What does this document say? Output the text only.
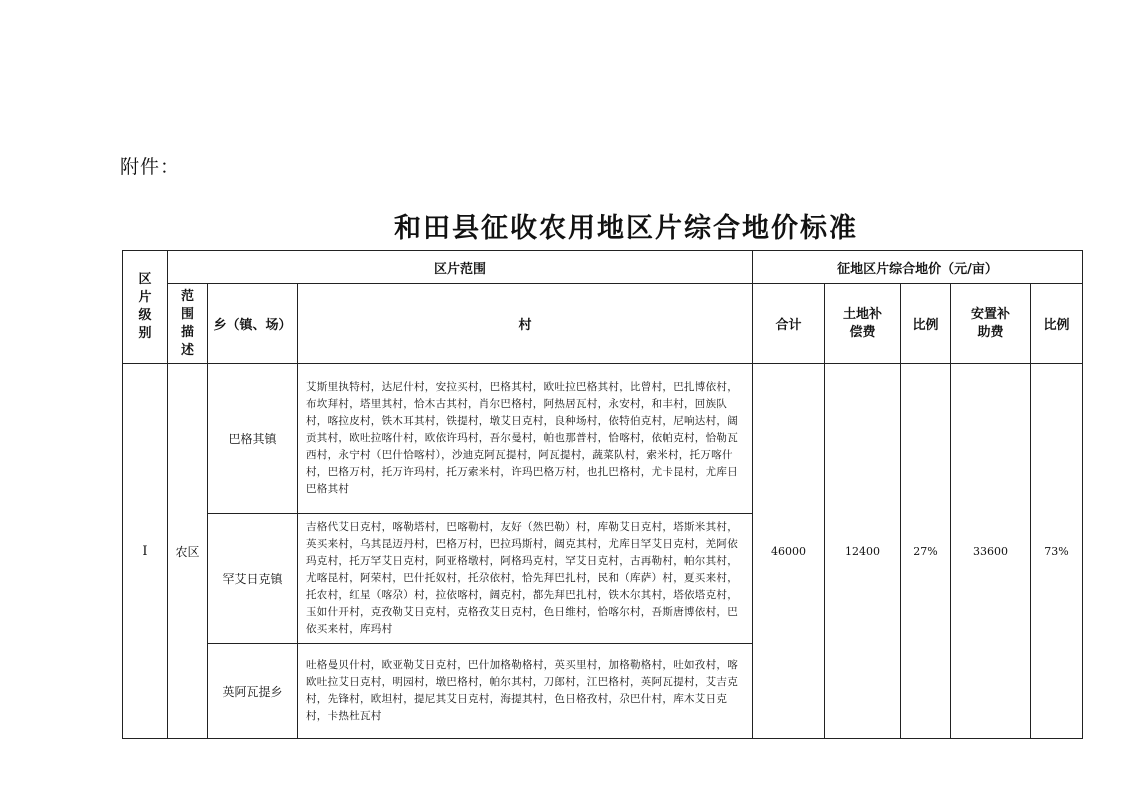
附件：
和田县征收农用地区片综合地价标准
区片级别	区片范围			征地区片综合地价（元/亩）				

	范围描述	乡（镇、场）	村	合计	土地补偿费	比例	安置补助费	比例
I	农区	巴格其镇	艾斯里执特村，达尼什村，安拉买村，巴格其村，欧吐拉巴格其村，比曾村，巴扎博依村，布坎拜村，塔里其村，恰木古其村，肖尔巴格村，阿热居瓦村，永安村，和丰村，回族队村，喀拉皮村，铁木耳其村，铁提村，墩艾日克村，良种场村，依特伯克村，尼响达村，阔贡其村，欧吐拉喀什村，欧依许玛村，吾尔曼村，帕也那普村，恰喀村，依帕克村，恰勒瓦西村，永宁村（巴什恰喀村），沙迪克阿瓦提村，阿瓦提村，蔬菜队村，索米村，托万喀什村，巴格万村，托万许玛村，托万索米村，许玛巴格万村，也扎巴格村，尤卡昆村，尤库日巴格其村	46000	12400	27%	33600	73%
		罕艾日克镇	吉格代艾日克村，喀勒塔村，巴喀勒村，友好（然巴勒）村，库勒艾日克村，塔斯米其村，英买来村，乌其昆迈丹村，巴格万村，巴拉玛斯村，阔克其村，尤库日罕艾日克村，羌阿依玛克村，托万罕艾日克村，阿亚格墩村，阿格玛克村，罕艾日克村，古再勒村，帕尔其村，尤喀昆村，阿荣村，巴什托奴村，托尕依村，恰先拜巴扎村，民和（库萨）村，夏买来村，托农村，红星（喀尕）村，拉依喀村，阔克村，都先拜巴扎村，铁木尔其村，塔依塔克村，玉如什开村，克孜勒艾日克村，克格孜艾日克村，色日维村，恰喀尔村，吾斯唐博依村，巴依买来村，库玛村					
		英阿瓦提乡	吐格曼贝什村，欧亚勒艾日克村，巴什加格勒格村，英买里村，加格勒格村，吐如孜村，喀欧吐拉艾日克村，明园村，墩巴格村，帕尔其村，刀郎村，江巴格村，英阿瓦提村，艾吉克村，先锋村，欧坦村，提尼其艾日克村，海提其村，色日格孜村，尕巴什村，库木艾日克村，卡热杜瓦村					
